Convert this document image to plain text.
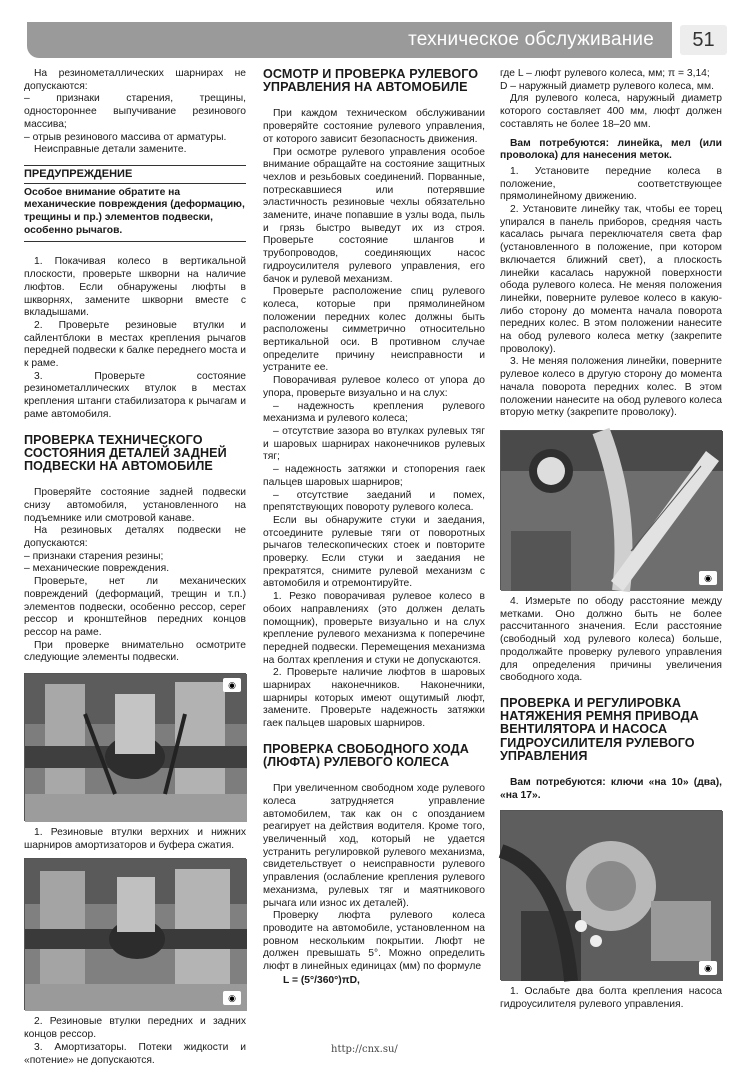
техническое обслуживание	51

На резинометаллических шарнирах не допускаются:

– признаки старения, трещины, одностороннее выпучивание резинового массива;

– отрыв резинового массива от арматуры.

Неисправные детали замените.

ПРЕДУПРЕЖДЕНИЕ
Особое внимание обратите на механические повреждения (деформацию, трещины и пр.) элементов подвески, особенно рычагов.

1. Покачивая колесо в вертикальной плоскости, проверьте шкворни на наличие люфтов. Если обнаружены люфты в шкворнях, замените шкворни вместе с вкладышами.

2. Проверьте резиновые втулки и сайлентблоки в местах крепления рычагов передней подвески к балке переднего моста и к раме.

3. Проверьте состояние резинометаллических втулок в местах крепления штанги стабилизатора к рычагам и раме автомобиля.

ПРОВЕРКА ТЕХНИЧЕСКОГО СОСТОЯНИЯ ДЕТАЛЕЙ ЗАДНЕЙ ПОДВЕСКИ НА АВТОМОБИЛЕ

Проверяйте состояние задней подвески снизу автомобиля, установленного на подъемнике или смотровой канаве.

На резиновых деталях подвески не допускаются:

– признаки старения резины;

– механические повреждения.

Проверьте, нет ли механических повреждений (деформаций, трещин и т.п.) элементов подвески, особенно рессор, серег рессор и кронштейнов передних концов рессор на раме.

При проверке внимательно осмотрите следующие элементы подвески.

◉

1. Резиновые втулки верхних и нижних шарниров амортизаторов и буфера сжатия.

◉

2. Резиновые втулки передних и задних концов рессор.

3. Амортизаторы. Потеки жидкости и «потение» не допускаются.

ОСМОТР И ПРОВЕРКА РУЛЕВОГО УПРАВЛЕНИЯ НА АВТОМОБИЛЕ

При каждом техническом обслуживании проверяйте состояние рулевого управления, от которого зависит безопасность движения.

При осмотре рулевого управления особое внимание обращайте на состояние защитных чехлов и резьбовых соединений. Порванные, потрескавшиеся или потерявшие эластичность резиновые чехлы обязательно замените, иначе попавшие в узлы вода, пыль и грязь быстро выведут их из строя. Проверьте состояние шлангов и трубопроводов, соединяющих насос гидроусилителя рулевого управления, его бачок и рулевой механизм.

Проверьте расположение спиц рулевого колеса, которые при прямолинейном положении передних колес должны быть расположены симметрично относительно вертикальной оси. В противном случае определите причину неисправности и устраните ее.

Поворачивая рулевое колесо от упора до упора, проверьте визуально и на слух:

– надежность крепления рулевого механизма и рулевого колеса;

– отсутствие зазора во втулках рулевых тяг и шаровых шарнирах наконечников рулевых тяг;

– надежность затяжки и стопорения гаек пальцев шаровых шарниров;

– отсутствие заеданий и помех, препятствующих повороту рулевого колеса.

Если вы обнаружите стуки и заедания, отсоедините рулевые тяги от поворотных рычагов телескопических стоек и повторите проверку. Если стуки и заедания не прекратятся, снимите рулевой механизм с автомобиля и отремонтируйте.

1. Резко поворачивая рулевое колесо в обоих направлениях (это должен делать помощник), проверьте визуально и на слух крепление рулевого механизма к поперечине передней подвески. Перемещения механизма на болтах крепления и стуки не допускаются.

2. Проверьте наличие люфтов в шаровых шарнирах наконечников. Наконечники, шарниры которых имеют ощутимый люфт, замените. Проверьте надежность затяжки гаек пальцев шаровых шарниров.

ПРОВЕРКА СВОБОДНОГО ХОДА (ЛЮФТА) РУЛЕВОГО КОЛЕСА

При увеличенном свободном ходе рулевого колеса затрудняется управление автомобилем, так как он с опозданием реагирует на действия водителя. Кроме того, увеличенный ход, который не удается устранить регулировкой рулевого механизма, свидетельствует о неисправности рулевого управления (ослабление крепления рулевого механизма, рулевых тяг и маятникового рычага или износ их деталей).

Проверку люфта рулевого колеса проводите на автомобиле, установленном на ровном нескольким покрытии. Люфт не должен превышать 5°. Можно определить люфт в линейных единицах (мм) по формуле

L = (5°/360°)πD,

где L – люфт рулевого колеса, мм; π = 3,14;

D – наружный диаметр рулевого колеса, мм.

Для рулевого колеса, наружный диаметр которого составляет 400 мм, люфт должен составлять не более 18–20 мм.

Вам потребуются: линейка, мел (или проволока) для нанесения меток.

1. Установите передние колеса в положение, соответствующее прямолинейному движению.

2. Установите линейку так, чтобы ее торец упирался в панель приборов, средняя часть касалась рычага переключателя света фар (установленного в положение, при котором включается ближний свет), а плоскость линейки касалась наружной поверхности обода рулевого колеса. Не меняя положения линейки, поверните рулевое колесо в какую-либо сторону до момента начала поворота передних колес. В этом положении нанесите на обод рулевого колеса метку (закрепите проволоку).

3. Не меняя положения линейки, поверните рулевое колесо в другую сторону до момента начала поворота передних колес. В этом положении нанесите на обод рулевого колеса вторую метку (закрепите проволоку).

◉

4. Измерьте по ободу расстояние между метками. Оно должно быть не более рассчитанного значения. Если расстояние (свободный ход рулевого колеса) больше, продолжайте проверку рулевого управления для определения причины увеличения свободного хода.

ПРОВЕРКА И РЕГУЛИРОВКА НАТЯЖЕНИЯ РЕМНЯ ПРИВОДА ВЕНТИЛЯТОРА И НАСОСА ГИДРОУСИЛИТЕЛЯ РУЛЕВОГО УПРАВЛЕНИЯ

Вам потребуются: ключи «на 10» (два), «на 17».

◉

1. Ослабьте два болта крепления насоса гидроусилителя рулевого управления.

http://cnx.su/
